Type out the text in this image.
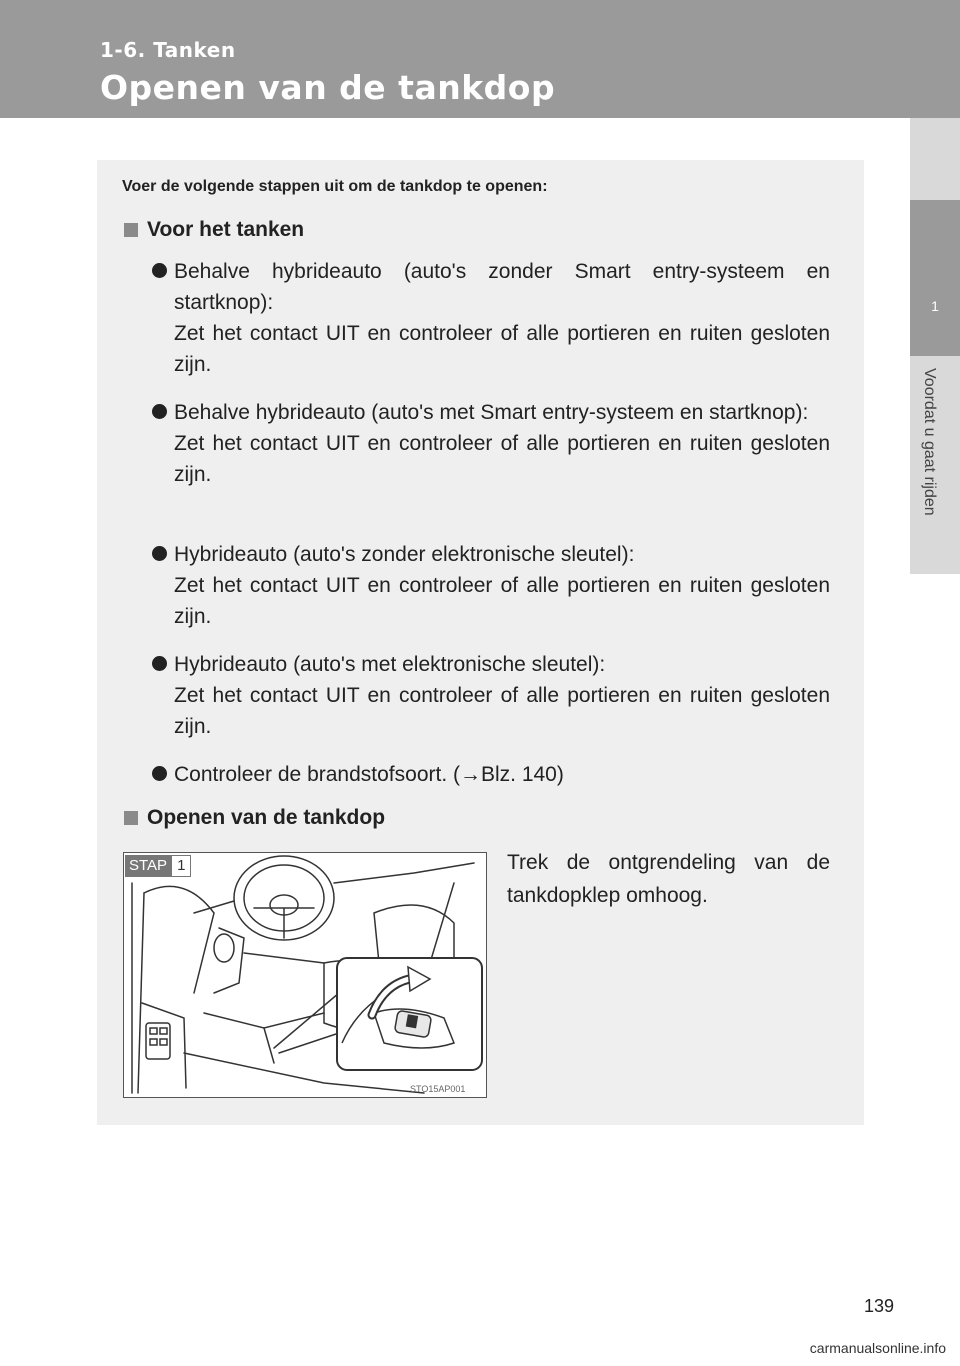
1-6. Tanken
Openen van de tankdop
1
Voordat u gaat rijden
Voer de volgende stappen uit om de tankdop te openen:
Voor het tanken

Behalve hybrideauto (auto's zonder Smart entry-systeem en startknop):

Zet het contact UIT en controleer of alle portieren en ruiten gesloten zijn.

Behalve hybrideauto (auto's met Smart entry-systeem en startknop):

Zet het contact UIT en controleer of alle portieren en ruiten gesloten zijn.

Hybrideauto (auto's zonder elektronische sleutel):

Zet het contact UIT en controleer of alle portieren en ruiten gesloten zijn.

Hybrideauto (auto's met elektronische sleutel):

Zet het contact UIT en controleer of alle portieren en ruiten gesloten zijn.

Controleer de brandstofsoort. (→Blz. 140)

Openen van de tankdop
STAP 1
STO15AP001

Trek de ontgrendeling van de tankdopklep omhoog.

139
carmanualsonline.info
